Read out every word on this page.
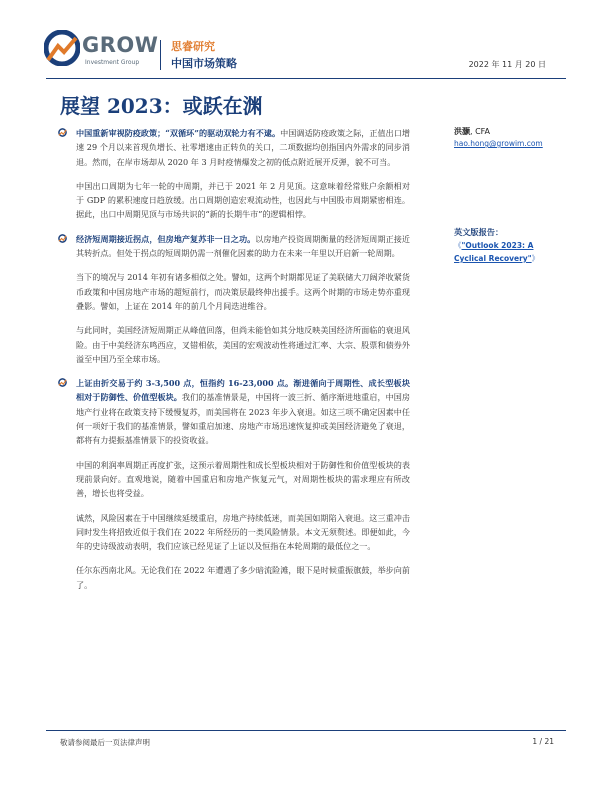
GROW
Investment Group
思睿研究
中国市场策略	2022 年 11 月 20 日
展望 2023：或跃在渊

中国重新审视防疫政策；“双循环”的驱动双轮力有不逮。中国调适防疫政策之际，正值出口增速 29 个月以来首现负增长、社零增速由正转负的关口，二项数据均创指国内外需求的同步消退。然而，在岸市场却从 2020 年 3 月时疫情爆发之初的低点附近展开反弹，貌不可当。

中国出口周期为七年一轮的中周期，并已于 2021 年 2 月见顶。这意味着经常账户余额相对于 GDP 的累积速度日趋放缓。出口周期创造宏观流动性，也因此与中国股市周期紧密相连。据此，出口中周期见顶与市场共识的“新的长期牛市”的逻辑相悖。

经济短周期接近拐点，但房地产复苏非一日之功。以房地产投资周期衡量的经济短周期正接近其转折点。但处于拐点的短周期仍需一剂催化因素的助力在未来一年里以开启新一轮周期。

当下的境况与 2014 年初有诸多相似之处。譬如，这两个时期都见证了美联储大刀阔斧收紧货币政策和中国房地产市场的超短前行，而决策层最终伸出援手。这两个时期的市场走势亦重现叠影。譬如，上证在 2014 年的前几个月间迭进维谷。

与此同时，美国经济短周期正从峰值回落，但尚未能恰如其分地反映美国经济所面临的衰退风险。由于中美经济东鸣西应，叉错相依，美国的宏观波动性将通过汇率、大宗、股票和债券外溢至中国乃至全球市场。

上证由折交易于约 3-3,500 点，恒指约 16-23,000 点。渐进循向于周期性、成长型板块相对于防御性、价值型板块。我们的基准情景是，中国将一波三折、循序渐进地重启，中国房地产行业将在政策支持下缓慢复苏，而美国将在 2023 年步入衰退。如这三项不确定因素中任何一项好于我们的基准情景，譬如重启加速、房地产市场迅速恢复抑或美国经济避免了衰退，都将有力提振基准情景下的投资收益。

中国的利润率周期正再度扩张，这预示着周期性和成长型板块相对于防御性和价值型板块的表现前景向好。直观地说，随着中国重启和房地产恢复元气，对周期性板块的需求理应有所改善，增长也将受益。

诚然，风险因素在于中国继续延缓重启，房地产持续低迷，而美国如期陷入衰退。这三重冲击同时发生将招致近似于我们在 2022 年所经历的一类风险情景。本文无须赘述。即便如此，今年的史诗级波动表明，我们应该已经见证了上证以及恒指在本轮周期的最低位之一。

任尔东西南北风。无论我们在 2022 年遭遇了多少暗流险滩，眼下是时候重振旗鼓，举步向前了。

洪灏, CFA
hao.hong@growim.com
英文版报告：
《"Outlook 2023: A Cyclical Recovery"》
敬请参阅最后一页法律声明	1 / 21
